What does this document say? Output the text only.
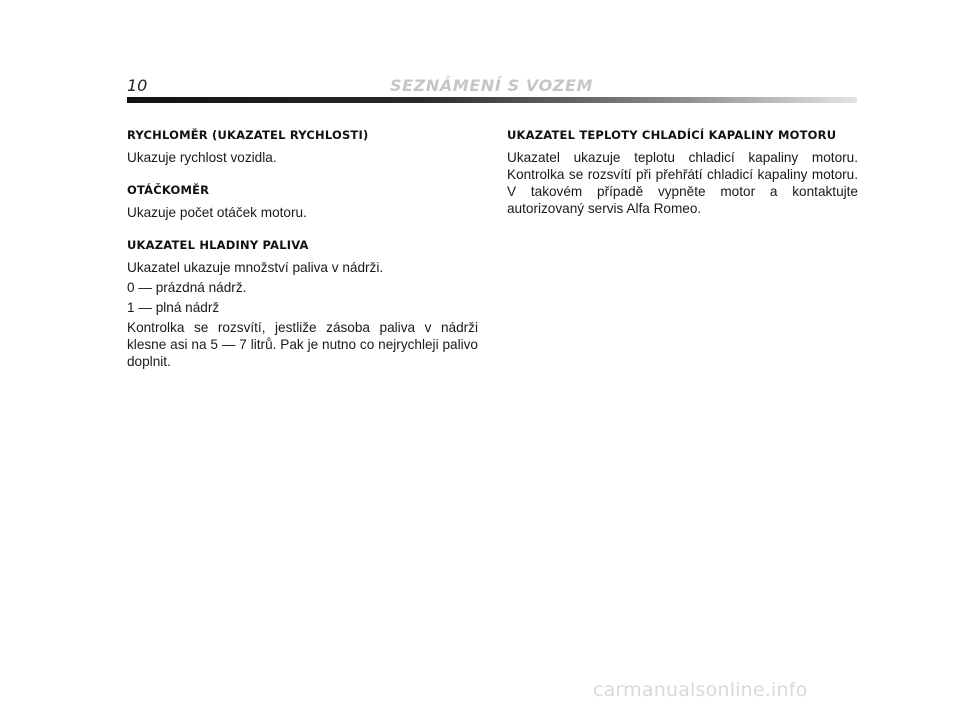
10	SEZNÁMENÍ S VOZEM
RYCHLOMĚR (UKAZATEL RYCHLOSTI)

Ukazuje rychlost vozidla.

OTÁČKOMĚR

Ukazuje počet otáček motoru.

UKAZATEL HLADINY PALIVA

Ukazatel ukazuje množství paliva v nádrži.

0 — prázdná nádrž.

1 — plná nádrž

Kontrolka se rozsvítí, jestliže zásoba paliva v nádrži klesne asi na 5 — 7 litrů. Pak je nutno co nejrychleji palivo doplnit.

UKAZATEL TEPLOTY CHLADÍCÍ KAPALINY MOTORU

Ukazatel ukazuje teplotu chladicí kapaliny motoru. Kontrolka se rozsvítí při přehřátí chladicí kapaliny motoru. V takovém případě vypněte motor a kontaktujte autorizovaný servis Alfa Romeo.

carmanualsonline.info
